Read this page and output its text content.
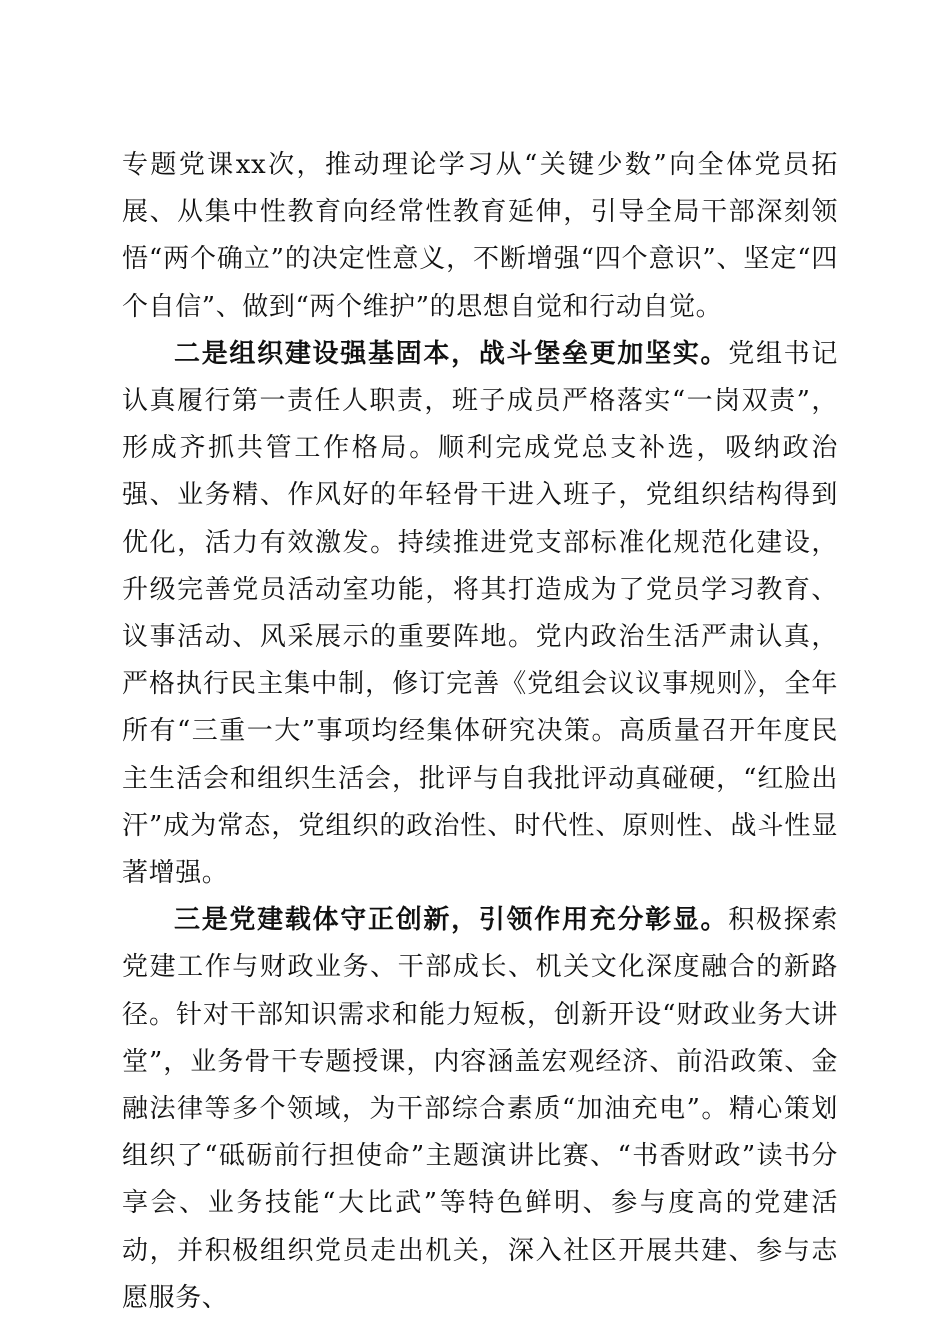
专题党课xx次，推动理论学习从“关键少数”向全体党员拓展、从集中性教育向经常性教育延伸，引导全局干部深刻领悟“两个确立”的决定性意义，不断增强“四个意识”、坚定“四个自信”、做到“两个维护”的思想自觉和行动自觉。

二是组织建设强基固本，战斗堡垒更加坚实。党组书记认真履行第一责任人职责，班子成员严格落实“一岗双责”，形成齐抓共管工作格局。顺利完成党总支补选，吸纳政治强、业务精、作风好的年轻骨干进入班子，党组织结构得到优化，活力有效激发。持续推进党支部标准化规范化建设，升级完善党员活动室功能，将其打造成为了党员学习教育、议事活动、风采展示的重要阵地。党内政治生活严肃认真，严格执行民主集中制，修订完善《党组会议议事规则》，全年所有“三重一大”事项均经集体研究决策。高质量召开年度民主生活会和组织生活会，批评与自我批评动真碰硬，“红脸出汗”成为常态，党组织的政治性、时代性、原则性、战斗性显著增强。

三是党建载体守正创新，引领作用充分彰显。积极探索党建工作与财政业务、干部成长、机关文化深度融合的新路径。针对干部知识需求和能力短板，创新开设“财政业务大讲堂”，业务骨干专题授课，内容涵盖宏观经济、前沿政策、金融法律等多个领域，为干部综合素质“加油充电”。精心策划组织了“砥砺前行担使命”主题演讲比赛、“书香财政”读书分享会、业务技能“大比武”等特色鲜明、参与度高的党建活动，并积极组织党员走出机关，深入社区开展共建、参与志愿服务、
